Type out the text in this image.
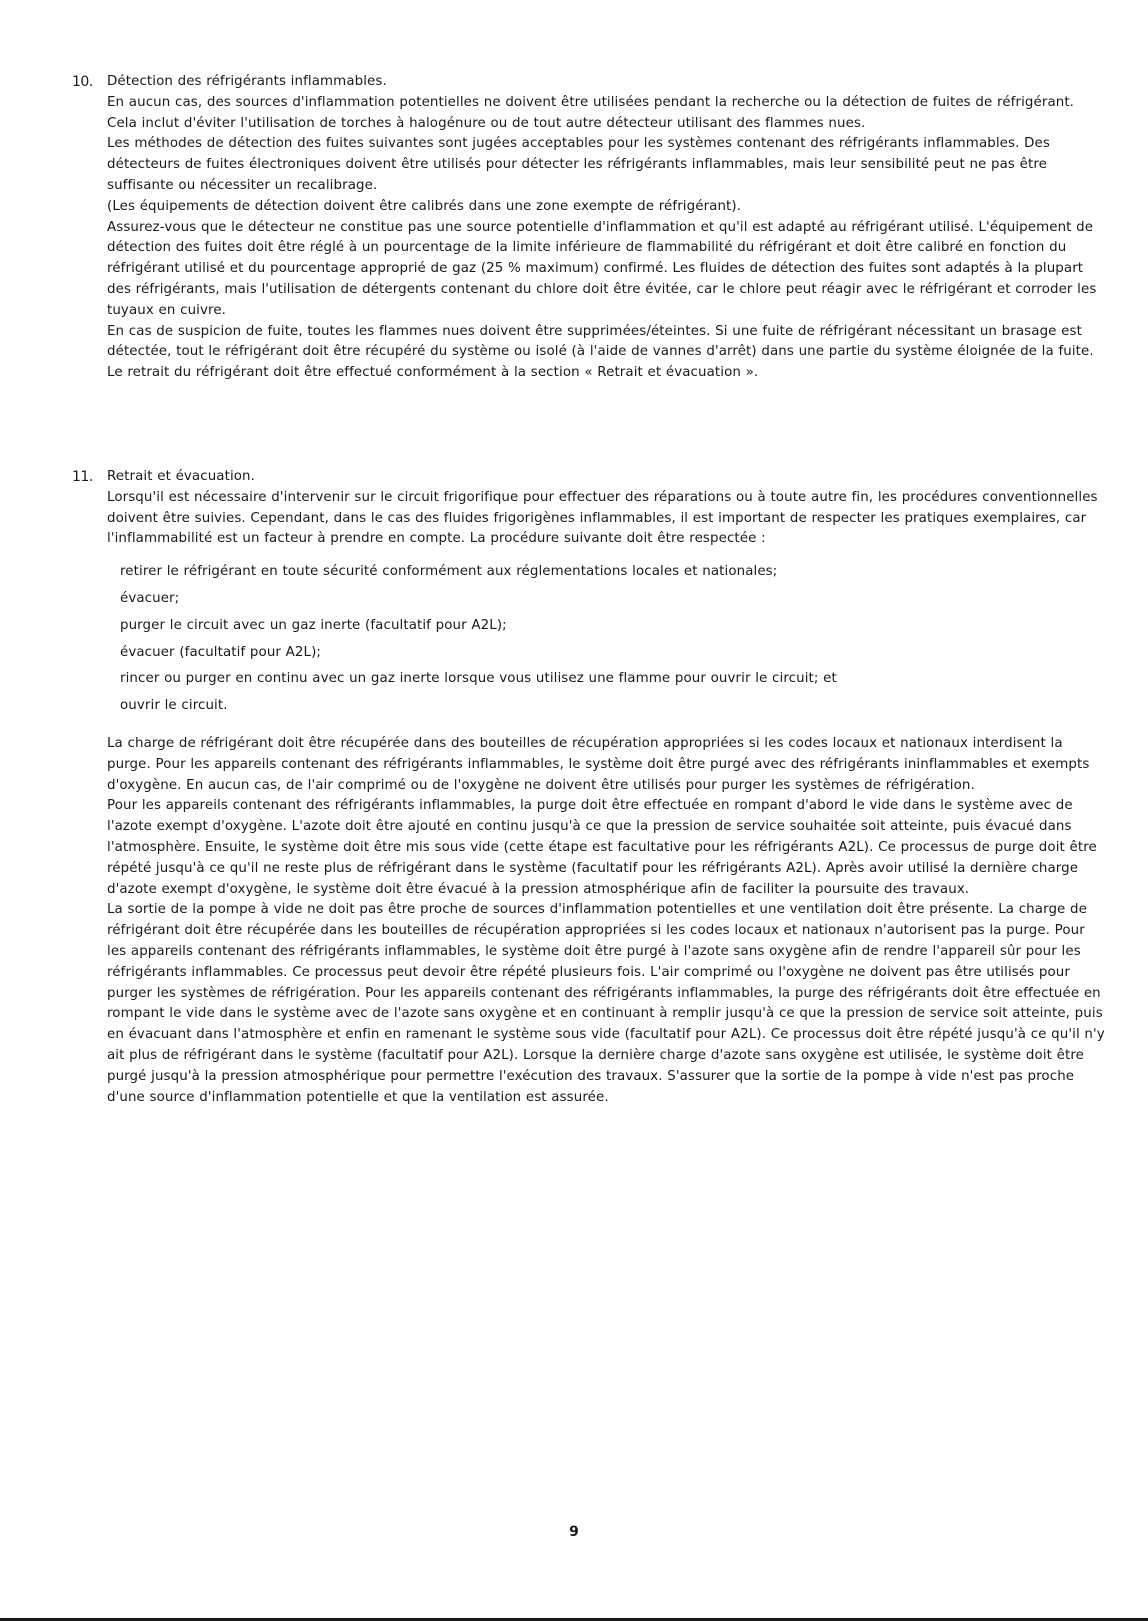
10.	Détection des réfrigérants inflammables.

En aucun cas, des sources d'inflammation potentielles ne doivent être utilisées pendant la recherche ou la détection de fuites de réfrigérant. Cela inclut d'éviter l'utilisation de torches à halogénure ou de tout autre détecteur utilisant des flammes nues.

Les méthodes de détection des fuites suivantes sont jugées acceptables pour les systèmes contenant des réfrigérants inflammables. Des détecteurs de fuites électroniques doivent être utilisés pour détecter les réfrigérants inflammables, mais leur sensibilité peut ne pas être suffisante ou nécessiter un recalibrage.

(Les équipements de détection doivent être calibrés dans une zone exempte de réfrigérant).

Assurez-vous que le détecteur ne constitue pas une source potentielle d'inflammation et qu'il est adapté au réfrigérant utilisé. L'équipement de détection des fuites doit être réglé à un pourcentage de la limite inférieure de flammabilité du réfrigérant et doit être calibré en fonction du réfrigérant utilisé et du pourcentage approprié de gaz (25 % maximum) confirmé. Les fluides de détection des fuites sont adaptés à la plupart des réfrigérants, mais l'utilisation de détergents contenant du chlore doit être évitée, car le chlore peut réagir avec le réfrigérant et corroder les tuyaux en cuivre.

En cas de suspicion de fuite, toutes les flammes nues doivent être supprimées/éteintes. Si une fuite de réfrigérant nécessitant un brasage est détectée, tout le réfrigérant doit être récupéré du système ou isolé (à l'aide de vannes d'arrêt) dans une partie du système éloignée de la fuite. Le retrait du réfrigérant doit être effectué conformément à la section « Retrait et évacuation ».

11.	Retrait et évacuation.

Lorsqu'il est nécessaire d'intervenir sur le circuit frigorifique pour effectuer des réparations ou à toute autre fin, les procédures conventionnelles doivent être suivies. Cependant, dans le cas des fluides frigorigènes inflammables, il est important de respecter les pratiques exemplaires, car l'inflammabilité est un facteur à prendre en compte. La procédure suivante doit être respectée :

retirer le réfrigérant en toute sécurité conformément aux réglementations locales et nationales;
évacuer;
purger le circuit avec un gaz inerte (facultatif pour A2L);
évacuer (facultatif pour A2L);
rincer ou purger en continu avec un gaz inerte lorsque vous utilisez une flamme pour ouvrir le circuit; et
ouvrir le circuit.

La charge de réfrigérant doit être récupérée dans des bouteilles de récupération appropriées si les codes locaux et nationaux interdisent la purge. Pour les appareils contenant des réfrigérants inflammables, le système doit être purgé avec des réfrigérants ininflammables et exempts d'oxygène. En aucun cas, de l'air comprimé ou de l'oxygène ne doivent être utilisés pour purger les systèmes de réfrigération.

Pour les appareils contenant des réfrigérants inflammables, la purge doit être effectuée en rompant d'abord le vide dans le système avec de l'azote exempt d'oxygène. L'azote doit être ajouté en continu jusqu'à ce que la pression de service souhaitée soit atteinte, puis évacué dans l'atmosphère. Ensuite, le système doit être mis sous vide (cette étape est facultative pour les réfrigérants A2L). Ce processus de purge doit être répété jusqu'à ce qu'il ne reste plus de réfrigérant dans le système (facultatif pour les réfrigérants A2L). Après avoir utilisé la dernière charge d'azote exempt d'oxygène, le système doit être évacué à la pression atmosphérique afin de faciliter la poursuite des travaux.

La sortie de la pompe à vide ne doit pas être proche de sources d'inflammation potentielles et une ventilation doit être présente. La charge de réfrigérant doit être récupérée dans les bouteilles de récupération appropriées si les codes locaux et nationaux n'autorisent pas la purge. Pour les appareils contenant des réfrigérants inflammables, le système doit être purgé à l'azote sans oxygène afin de rendre l'appareil sûr pour les réfrigérants inflammables. Ce processus peut devoir être répété plusieurs fois. L'air comprimé ou l'oxygène ne doivent pas être utilisés pour purger les systèmes de réfrigération. Pour les appareils contenant des réfrigérants inflammables, la purge des réfrigérants doit être effectuée en rompant le vide dans le système avec de l'azote sans oxygène et en continuant à remplir jusqu'à ce que la pression de service soit atteinte, puis en évacuant dans l'atmosphère et enfin en ramenant le système sous vide (facultatif pour A2L). Ce processus doit être répété jusqu'à ce qu'il n'y ait plus de réfrigérant dans le système (facultatif pour A2L). Lorsque la dernière charge d'azote sans oxygène est utilisée, le système doit être purgé jusqu'à la pression atmosphérique pour permettre l'exécution des travaux. S'assurer que la sortie de la pompe à vide n'est pas proche d'une source d'inflammation potentielle et que la ventilation est assurée.

9
